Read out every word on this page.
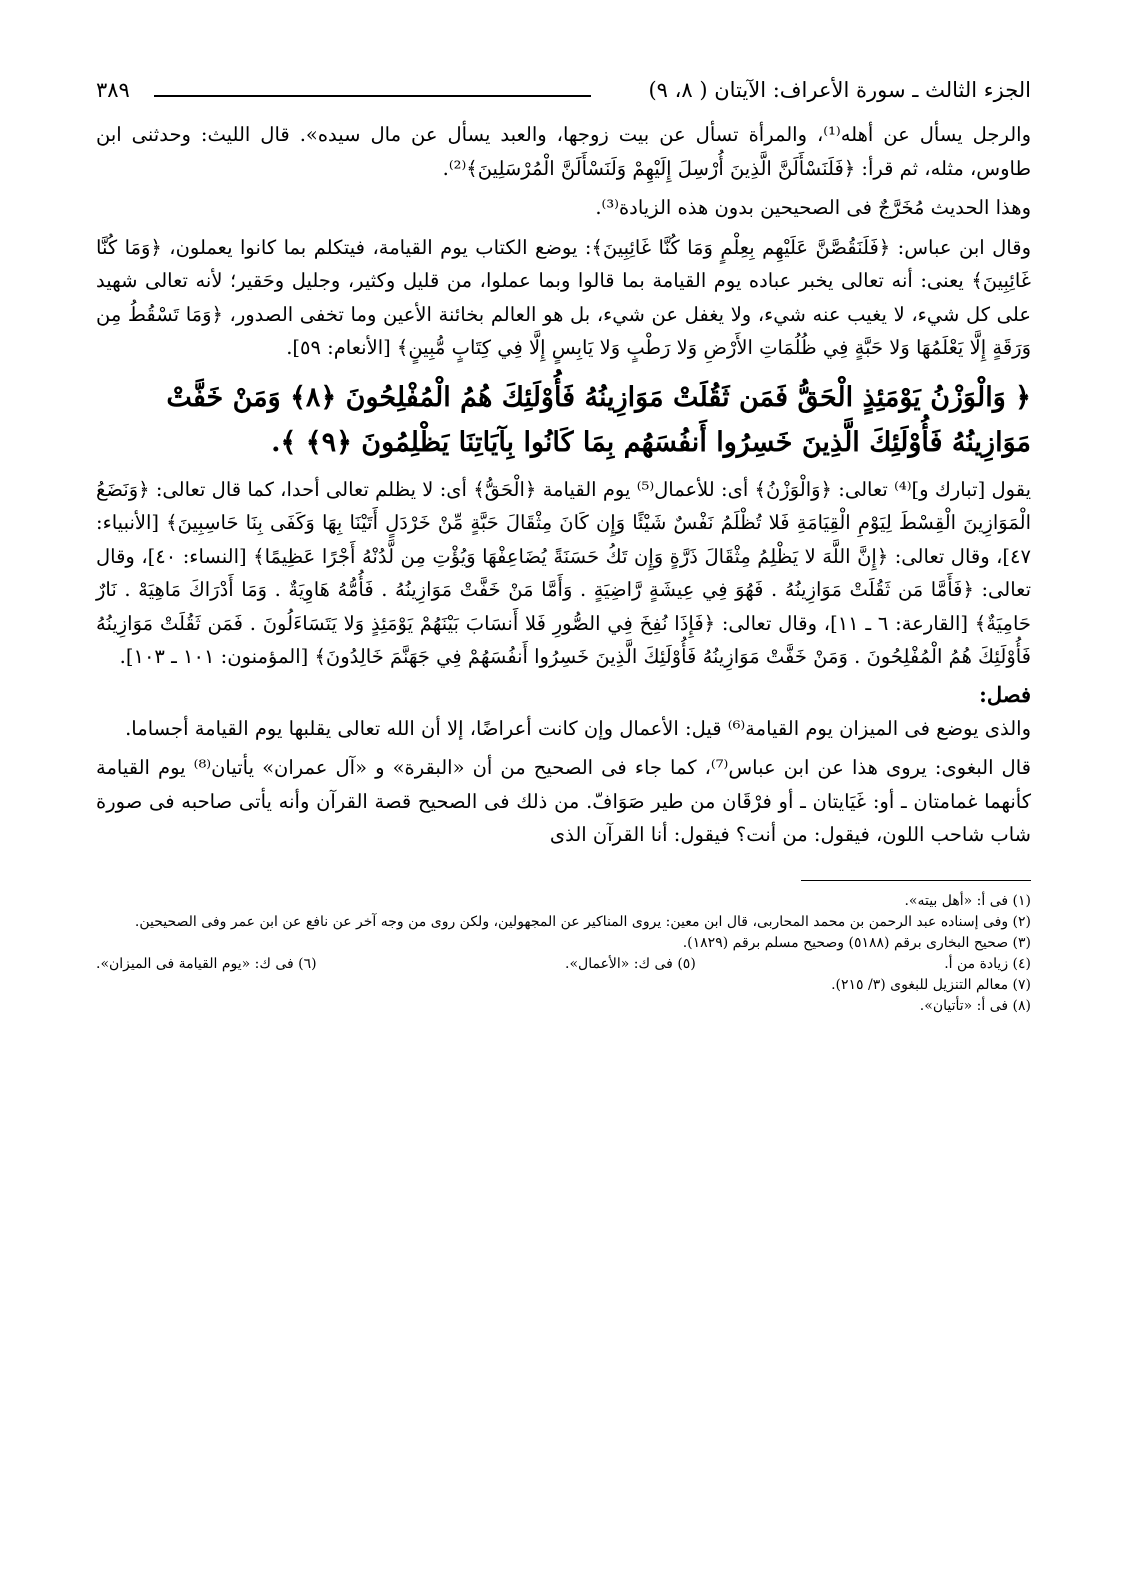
الجزء الثالث ـ سورة الأعراف: الآيتان ( ٨، ٩)
٣٨٩

والرجل يسأل عن أهله⁽¹⁾، والمرأة تسأل عن بيت زوجها، والعبد يسأل عن مال سيده». قال الليث: وحدثنى ابن طاوس، مثله، ثم قرأ: ﴿فَلَنَسْأَلَنَّ الَّذِينَ أُرْسِلَ إِلَيْهِمْ وَلَنَسْأَلَنَّ الْمُرْسَلِينَ﴾⁽²⁾.

وهذا الحديث مُخَرَّجٌ فى الصحيحين بدون هذه الزيادة⁽³⁾.

وقال ابن عباس: ﴿فَلَنَقُصَّنَّ عَلَيْهِم بِعِلْمٍ وَمَا كُنَّا غَائِبِينَ﴾: يوضع الكتاب يوم القيامة، فيتكلم بما كانوا يعملون، ﴿وَمَا كُنَّا غَائِبِينَ﴾ يعنى: أنه تعالى يخبر عباده يوم القيامة بما قالوا وبما عملوا، من قليل وكثير، وجليل وحَقير؛ لأنه تعالى شهيد على كل شيء، لا يغيب عنه شيء، ولا يغفل عن شيء، بل هو العالم بخائنة الأعين وما تخفى الصدور، ﴿وَمَا تَسْقُطُ مِن وَرَقَةٍ إِلَّا يَعْلَمُهَا وَلا حَبَّةٍ فِي ظُلُمَاتِ الأَرْضِ وَلا رَطْبٍ وَلا يَابِسٍ إِلَّا فِي كِتَابٍ مُّبِينٍ﴾ [الأنعام: ٥٩].

﴿ وَالْوَزْنُ يَوْمَئِذٍ الْحَقُّ فَمَن ثَقُلَتْ مَوَازِينُهُ فَأُوْلَئِكَ هُمُ الْمُفْلِحُونَ ﴿٨﴾ وَمَنْ خَفَّتْ مَوَازِينُهُ فَأُوْلَئِكَ الَّذِينَ خَسِرُوا أَنفُسَهُم بِمَا كَانُوا بِآيَاتِنَا يَظْلِمُونَ ﴿٩﴾ ﴾.

يقول [تبارك و]⁽⁴⁾ تعالى: ﴿وَالْوَزْنُ﴾ أى: للأعمال⁽⁵⁾ يوم القيامة ﴿الْحَقُّ﴾ أى: لا يظلم تعالى أحدا، كما قال تعالى: ﴿وَنَضَعُ الْمَوَازِينَ الْقِسْطَ لِيَوْمِ الْقِيَامَةِ فَلا تُظْلَمُ نَفْسٌ شَيْئًا وَإِن كَانَ مِثْقَالَ حَبَّةٍ مِّنْ خَرْدَلٍ أَتَيْنَا بِهَا وَكَفَى بِنَا حَاسِبِينَ﴾ [الأنبياء: ٤٧]، وقال تعالى: ﴿إِنَّ اللَّهَ لا يَظْلِمُ مِثْقَالَ ذَرَّةٍ وَإِن تَكُ حَسَنَةً يُضَاعِفْهَا وَيُؤْتِ مِن لَّدُنْهُ أَجْرًا عَظِيمًا﴾ [النساء: ٤٠]، وقال تعالى: ﴿فَأَمَّا مَن ثَقُلَتْ مَوَازِينُهُ . فَهُوَ فِي عِيشَةٍ رَّاضِيَةٍ . وَأَمَّا مَنْ خَفَّتْ مَوَازِينُهُ . فَأُمُّهُ هَاوِيَةٌ . وَمَا أَدْرَاكَ مَاهِيَهْ . نَارٌ حَامِيَةٌ﴾ [القارعة: ٦ ـ ١١]، وقال تعالى: ﴿فَإِذَا نُفِخَ فِي الصُّورِ فَلا أَنسَابَ بَيْنَهُمْ يَوْمَئِذٍ وَلا يَتَسَاءَلُونَ . فَمَن ثَقُلَتْ مَوَازِينُهُ فَأُوْلَئِكَ هُمُ الْمُفْلِحُونَ . وَمَنْ خَفَّتْ مَوَازِينُهُ فَأُوْلَئِكَ الَّذِينَ خَسِرُوا أَنفُسَهُمْ فِي جَهَنَّمَ خَالِدُونَ﴾ [المؤمنون: ١٠١ ـ ١٠٣].

فصل:

والذى يوضع فى الميزان يوم القيامة⁽⁶⁾ قيل: الأعمال وإن كانت أعراضًا، إلا أن الله تعالى يقلبها يوم القيامة أجساما.

قال البغوى: يروى هذا عن ابن عباس⁽⁷⁾، كما جاء فى الصحيح من أن «البقرة» و «آل عمران» يأتيان⁽⁸⁾ يوم القيامة كأنهما غمامتان ـ أو: غَيَايتان ـ أو فرْقَان من طير صَوَافّ. من ذلك فى الصحيح قصة القرآن وأنه يأتى صاحبه فى صورة شاب شاحب اللون، فيقول: من أنت؟ فيقول: أنا القرآن الذى

(١) فى أ: «أهل بيته».
(٢) وفى إسناده عبد الرحمن بن محمد المحاربى، قال ابن معين: يروى المناكير عن المجهولين، ولكن روى من وجه آخر عن نافع عن ابن عمر وفى الصحيحين.
(٣) صحيح البخارى برقم (٥١٨٨) وصحيح مسلم برقم (١٨٢٩).
(٤) زيادة من أ.
(٥) فى ك: «الأعمال».
(٦) فى ك: «يوم القيامة فى الميزان».
(٧) معالم التنزيل للبغوى (٣/ ٢١٥).
(٨) فى أ: «تأتيان».
